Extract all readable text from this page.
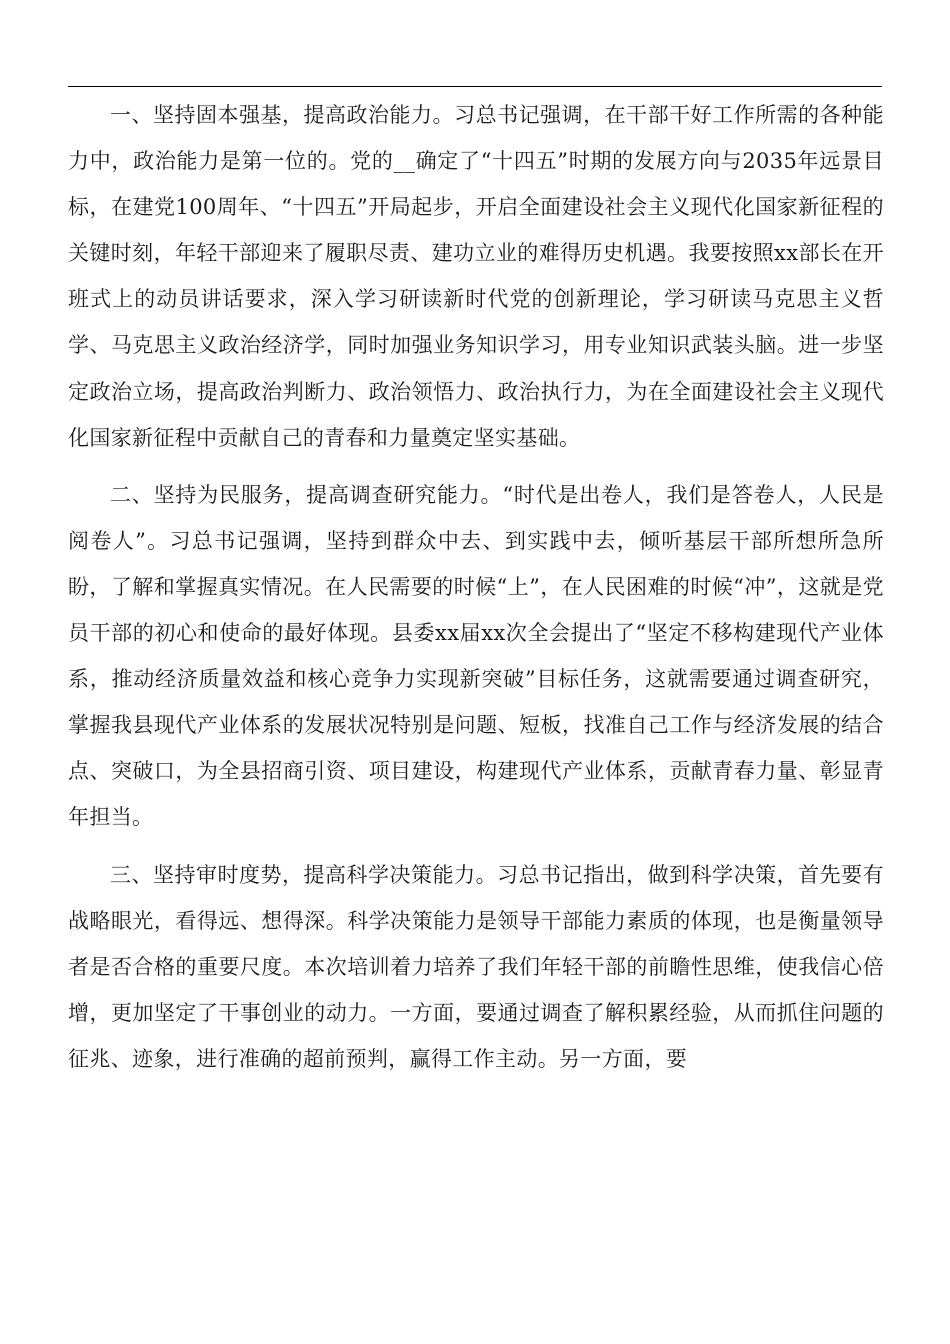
一、坚持固本强基，提高政治能力。习总书记强调，在干部干好工作所需的各种能力中，政治能力是第一位的。党的__确定了“十四五”时期的发展方向与2035年远景目标，在建党100周年、“十四五”开局起步，开启全面建设社会主义现代化国家新征程的关键时刻，年轻干部迎来了履职尽责、建功立业的难得历史机遇。我要按照xx部长在开班式上的动员讲话要求，深入学习研读新时代党的创新理论，学习研读马克思主义哲学、马克思主义政治经济学，同时加强业务知识学习，用专业知识武装头脑。进一步坚定政治立场，提高政治判断力、政治领悟力、政治执行力，为在全面建设社会主义现代化国家新征程中贡献自己的青春和力量奠定坚实基础。

二、坚持为民服务，提高调查研究能力。“时代是出卷人，我们是答卷人，人民是阅卷人”。习总书记强调，坚持到群众中去、到实践中去，倾听基层干部所想所急所盼，了解和掌握真实情况。在人民需要的时候“上”，在人民困难的时候“冲”，这就是党员干部的初心和使命的最好体现。县委xx届xx次全会提出了“坚定不移构建现代产业体系，推动经济质量效益和核心竞争力实现新突破”目标任务，这就需要通过调查研究，掌握我县现代产业体系的发展状况特别是问题、短板，找准自己工作与经济发展的结合点、突破口，为全县招商引资、项目建设，构建现代产业体系，贡献青春力量、彰显青年担当。

三、坚持审时度势，提高科学决策能力。习总书记指出，做到科学决策，首先要有战略眼光，看得远、想得深。科学决策能力是领导干部能力素质的体现，也是衡量领导者是否合格的重要尺度。本次培训着力培养了我们年轻干部的前瞻性思维，使我信心倍增，更加坚定了干事创业的动力。一方面，要通过调查了解积累经验，从而抓住问题的征兆、迹象，进行准确的超前预判，赢得工作主动。另一方面，要
